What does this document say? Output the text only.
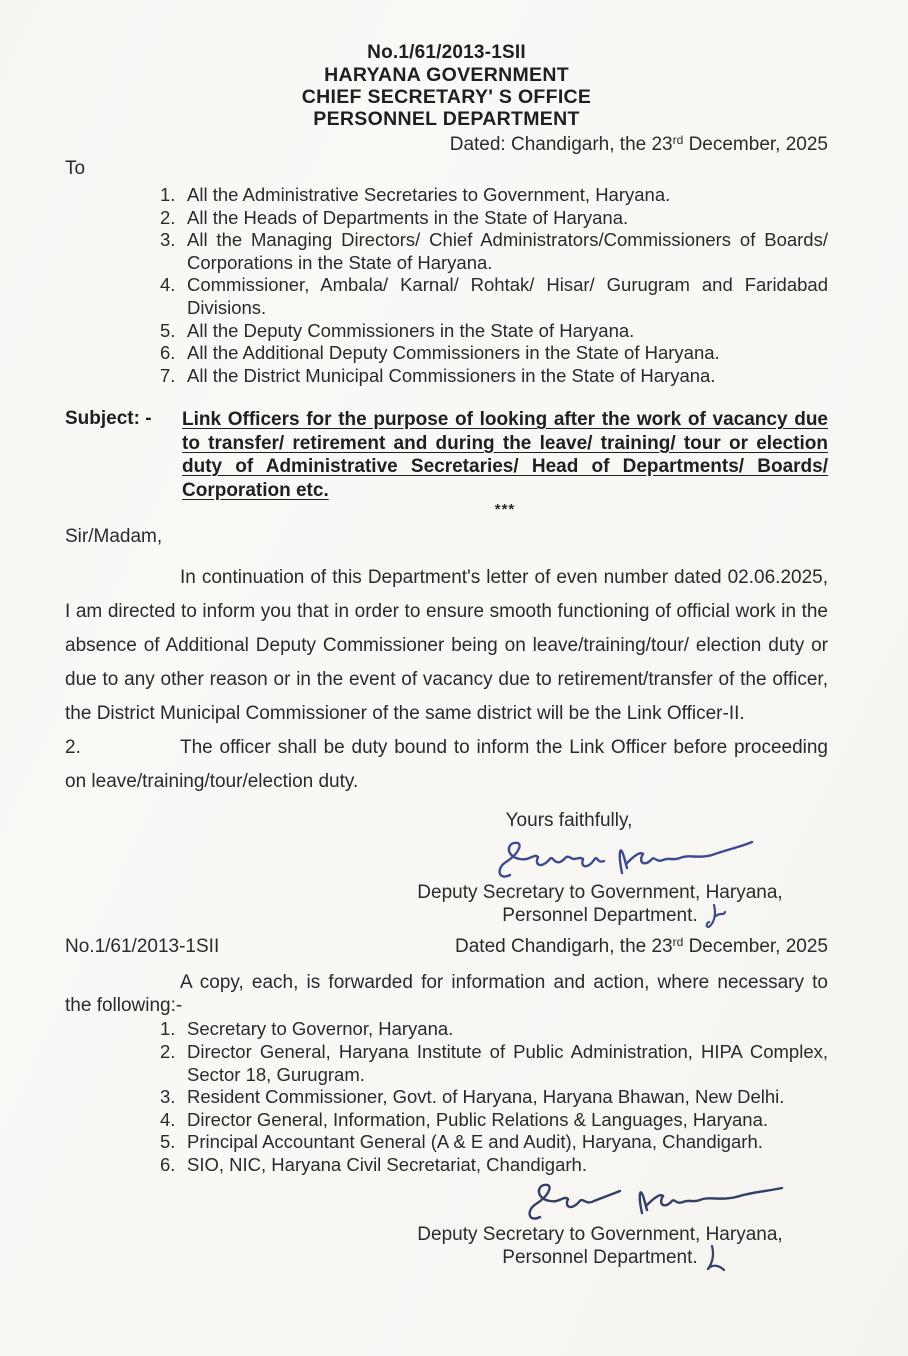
No.1/61/2013-1SII
HARYANA GOVERNMENT
CHIEF SECRETARY' S OFFICE
PERSONNEL DEPARTMENT
Dated: Chandigarh, the 23rd December, 2025
To
1. All the Administrative Secretaries to Government, Haryana.
2. All the Heads of Departments in the State of Haryana.
3. All the Managing Directors/ Chief Administrators/Commissioners of Boards/ Corporations in the State of Haryana.
4. Commissioner, Ambala/ Karnal/ Rohtak/ Hisar/ Gurugram and Faridabad Divisions.
5. All the Deputy Commissioners in the State of Haryana.
6. All the Additional Deputy Commissioners in the State of Haryana.
7. All the District Municipal Commissioners in the State of Haryana.
Subject: -	Link Officers for the purpose of looking after the work of vacancy due to transfer/ retirement and during the leave/ training/ tour or election duty of Administrative Secretaries/ Head of Departments/ Boards/ Corporation etc.
***
Sir/Madam,

In continuation of this Department's letter of even number dated 02.06.2025, I am directed to inform you that in order to ensure smooth functioning of official work in the absence of Additional Deputy Commissioner being on leave/training/tour/ election duty or due to any other reason or in the event of vacancy due to retirement/transfer of the officer, the District Municipal Commissioner of the same district will be the Link Officer-II.

2.	The officer shall be duty bound to inform the Link Officer before proceeding on leave/training/tour/election duty.

Yours faithfully,
Deputy Secretary to Government, Haryana,
Personnel Department.
No.1/61/2013-1SII	Dated Chandigarh, the 23rd December, 2025

A copy, each, is forwarded for information and action, where necessary to the following:-

1. Secretary to Governor, Haryana.
2. Director General, Haryana Institute of Public Administration, HIPA Complex, Sector 18, Gurugram.
3. Resident Commissioner, Govt. of Haryana, Haryana Bhawan, New Delhi.
4. Director General, Information, Public Relations & Languages, Haryana.
5. Principal Accountant General (A & E and Audit), Haryana, Chandigarh.
6. SIO, NIC, Haryana Civil Secretariat, Chandigarh.
Deputy Secretary to Government, Haryana,
Personnel Department.
